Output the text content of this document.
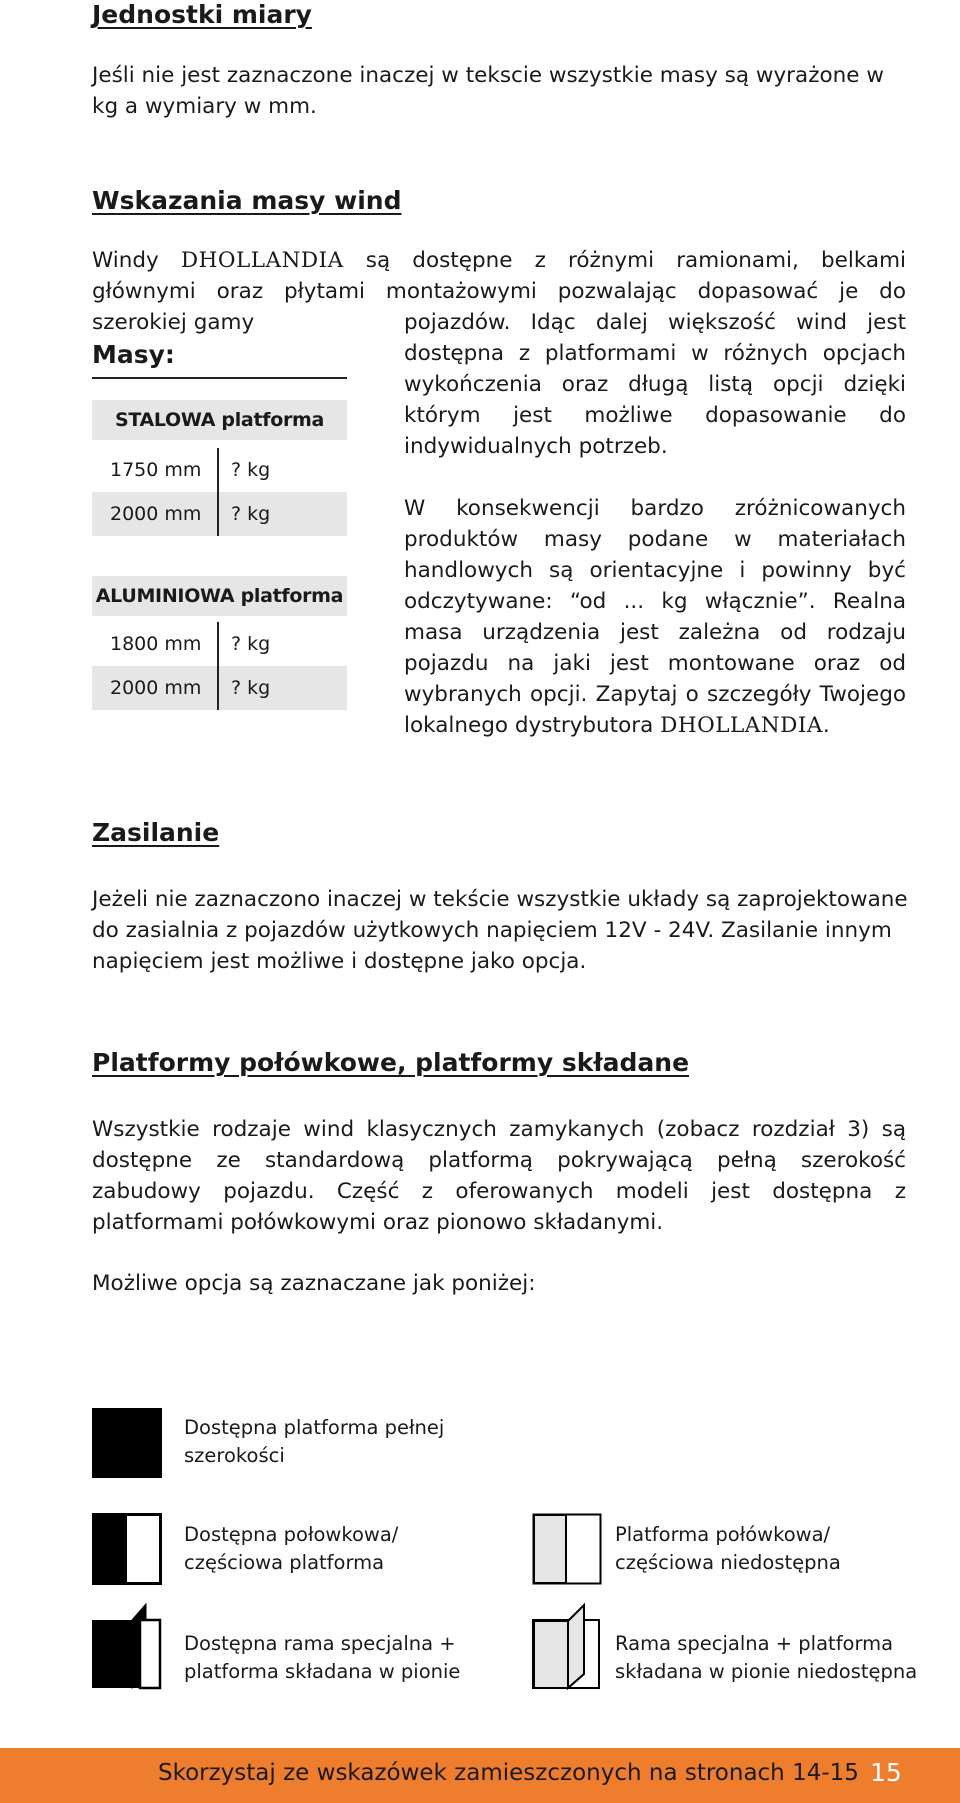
Jednostki miary

Jeśli nie jest zaznaczone inaczej w tekscie wszystkie masy są wyrażone w kg a wymiary w mm.

Wskazania masy wind

Windy DHOLLANDIA są dostępne z różnymi ramionami, belkami głównymi oraz płytami montażowymi pozwalając dopasować je do szerokiej gamy	pojazdów. Idąc dalej większość wind jest dostępna z platformami w różnych opcjach wykończenia oraz długą listą opcji dzięki którym jest możliwe dopasowanie do indywidualnych potrzeb.

W konsekwencji bardzo zróżnicowanych produktów masy podane w materiałach handlowych są orientacyjne i powinny być odczytywane: “od ... kg włącznie”. Realna masa urządzenia jest zależna od rodzaju pojazdu na jaki jest montowane oraz od wybranych opcji. Zapytaj o szczegóły Twojego lokalnego dystrybutora DHOLLANDIA.

Masy:
STALOWA platforma
1750 mm	? kg
2000 mm	? kg
ALUMINIOWA platforma
1800 mm	? kg
2000 mm	? kg
Zasilanie

Jeżeli nie zaznaczono inaczej w tekście wszystkie układy są zaprojektowane do zasialnia z pojazdów użytkowych napięciem 12V - 24V. Zasilanie innym napięciem jest możliwe i dostępne jako opcja.

Platformy połówkowe, platformy składane

Wszystkie rodzaje wind klasycznych zamykanych (zobacz rozdział 3) są dostępne ze standardową platformą pokrywającą pełną szerokość zabudowy pojazdu. Część z oferowanych modeli jest dostępna z platformami połówkowymi oraz pionowo składanymi.

Możliwe opcja są zaznaczane jak poniżej:

Dostępna platforma pełnej szerokości
Dostępna połowkowa/ częściowa platforma
Platforma połówkowa/ częściowa niedostępna
Dostępna rama specjalna + platforma składana w pionie
Rama specjalna + platforma składana w pionie niedostępna
Skorzystaj ze wskazówek zamieszczonych na stronach 14-15 15
